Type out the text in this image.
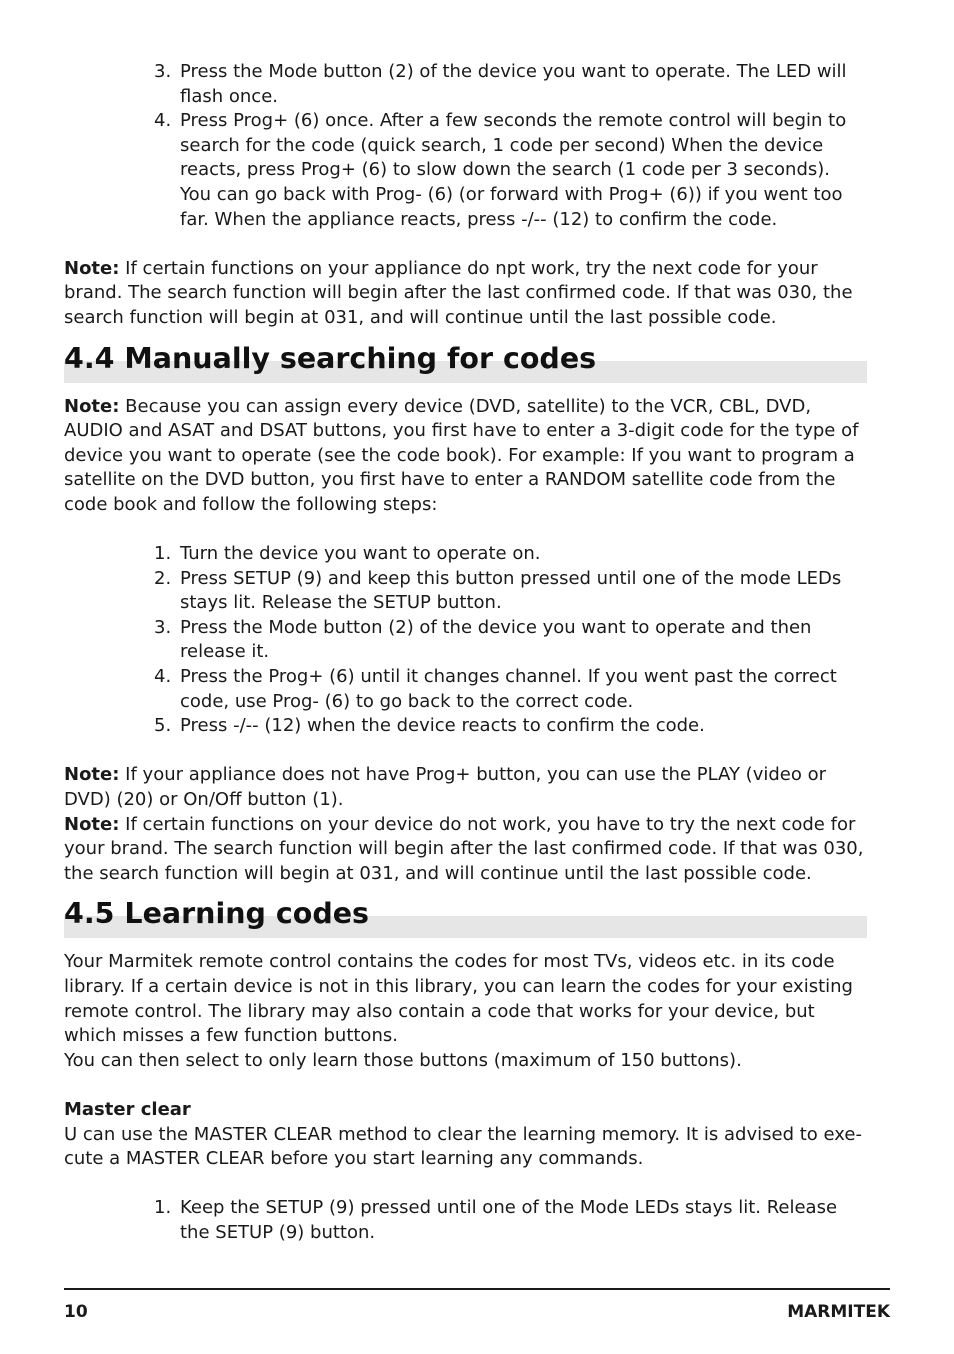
3. Press the Mode button (2) of the device you want to operate. The LED will flash once.
4. Press Prog+ (6) once. After a few seconds the remote control will begin to search for the code (quick search, 1 code per second) When the device reacts, press Prog+ (6) to slow down the search (1 code per 3 seconds). You can go back with Prog- (6) (or forward with Prog+ (6)) if you went too far. When the appliance reacts, press -/-- (12) to confirm the code.

Note: If certain functions on your appliance do npt work, try the next code for your brand. The search function will begin after the last confirmed code. If that was 030, the search function will begin at 031, and will continue until the last possible code.

4.4 Manually searching for codes

Note: Because you can assign every device (DVD, satellite) to the VCR, CBL, DVD, AUDIO and ASAT and DSAT buttons, you first have to enter a 3-digit code for the type of device you want to operate (see the code book). For example: If you want to program a satellite on the DVD button, you first have to enter a RANDOM satellite code from the code book and follow the following steps:

1. Turn the device you want to operate on.
2. Press SETUP (9) and keep this button pressed until one of the mode LEDs stays lit. Release the SETUP button.
3. Press the Mode button (2) of the device you want to operate and then release it.
4. Press the Prog+ (6) until it changes channel. If you went past the correct code, use Prog- (6) to go back to the correct code.
5. Press -/-- (12) when the device reacts to confirm the code.

Note: If your appliance does not have Prog+ button, you can use the PLAY (video or DVD) (20) or On/Off button (1).

Note: If certain functions on your device do not work, you have to try the next code for your brand. The search function will begin after the last confirmed code. If that was 030, the search function will begin at 031, and will continue until the last possible code.

4.5 Learning codes

Your Marmitek remote control contains the codes for most TVs, videos etc. in its code library. If a certain device is not in this library, you can learn the codes for your existing remote control. The library may also contain a code that works for your device, but which misses a few function buttons.

You can then select to only learn those buttons (maximum of 150 buttons).

Master clear

U can use the MASTER CLEAR method to clear the learning memory. It is advised to exe-cute a MASTER CLEAR before you start learning any commands.

1. Keep the SETUP (9) pressed until one of the Mode LEDs stays lit. Release the SETUP (9) button.
10	MARMITEK
